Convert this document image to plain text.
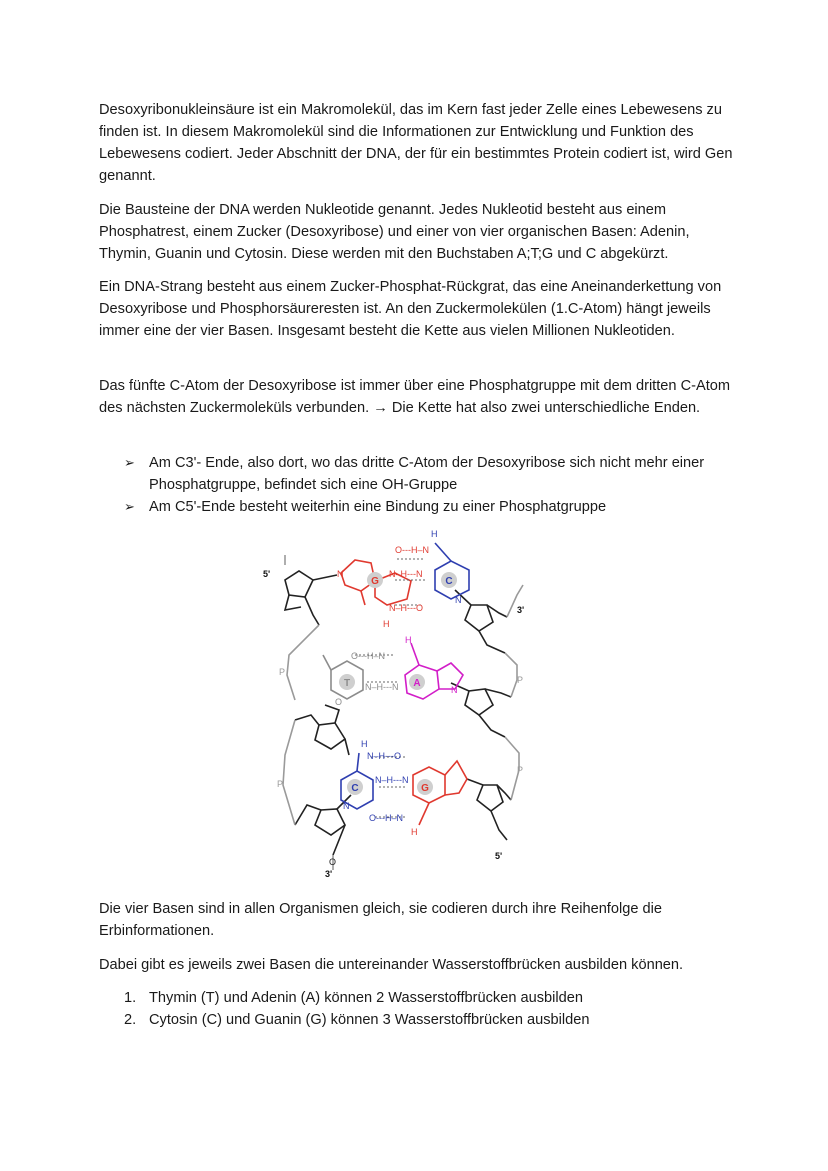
Desoxyribonukleinsäure ist ein Makromolekül, das im Kern fast jeder Zelle eines Lebewesens zu finden ist. In diesem Makromolekül sind die Informationen zur Entwicklung und Funktion des Lebewesens codiert. Jeder Abschnitt der DNA, der für ein bestimmtes Protein codiert ist, wird Gen genannt.

Die Bausteine der DNA werden Nukleotide genannt. Jedes Nukleotid besteht aus einem Phosphatrest, einem Zucker (Desoxyribose) und einer von vier organischen Basen: Adenin, Thymin, Guanin und Cytosin. Diese werden mit den Buchstaben A;T;G und C abgekürzt.

Ein DNA-Strang besteht aus einem Zucker-Phosphat-Rückgrat, das eine Aneinanderkettung von Desoxyribose und Phosphorsäureresten ist. An den Zuckermolekülen (1.C-Atom) hängt jeweils immer eine der vier Basen. Insgesamt besteht die Kette aus vielen Millionen Nukleotiden.

Das fünfte C-Atom der Desoxyribose ist immer über eine Phosphatgruppe mit dem dritten C-Atom des nächsten Zuckermoleküls verbunden. → Die Kette hat also zwei unterschiedliche Enden.

➢ Am C3'- Ende, also dort, wo das dritte C-Atom der Desoxyribose sich nicht mehr einer Phosphatgruppe, befindet sich eine OH-Gruppe
➢ Am C5'-Ende besteht weiterhin eine Bindung zu einer Phosphatgruppe
G	C
T	A
C	G
O---H–N
N–H---N
N–H---O
O---H–N
N–H---N
N–H---O
N–H---N
O---H–N
H
N
H
N
H
N
O
H
H
N
O
P
P
P
P
5'
3'
5'
3'

Die vier Basen sind in allen Organismen gleich, sie codieren durch ihre Reihenfolge die Erbinformationen.

Dabei gibt es jeweils zwei Basen die untereinander Wasserstoffbrücken ausbilden können.

1. Thymin (T) und Adenin (A) können 2 Wasserstoffbrücken ausbilden
2. Cytosin (C) und Guanin (G) können 3 Wasserstoffbrücken ausbilden
